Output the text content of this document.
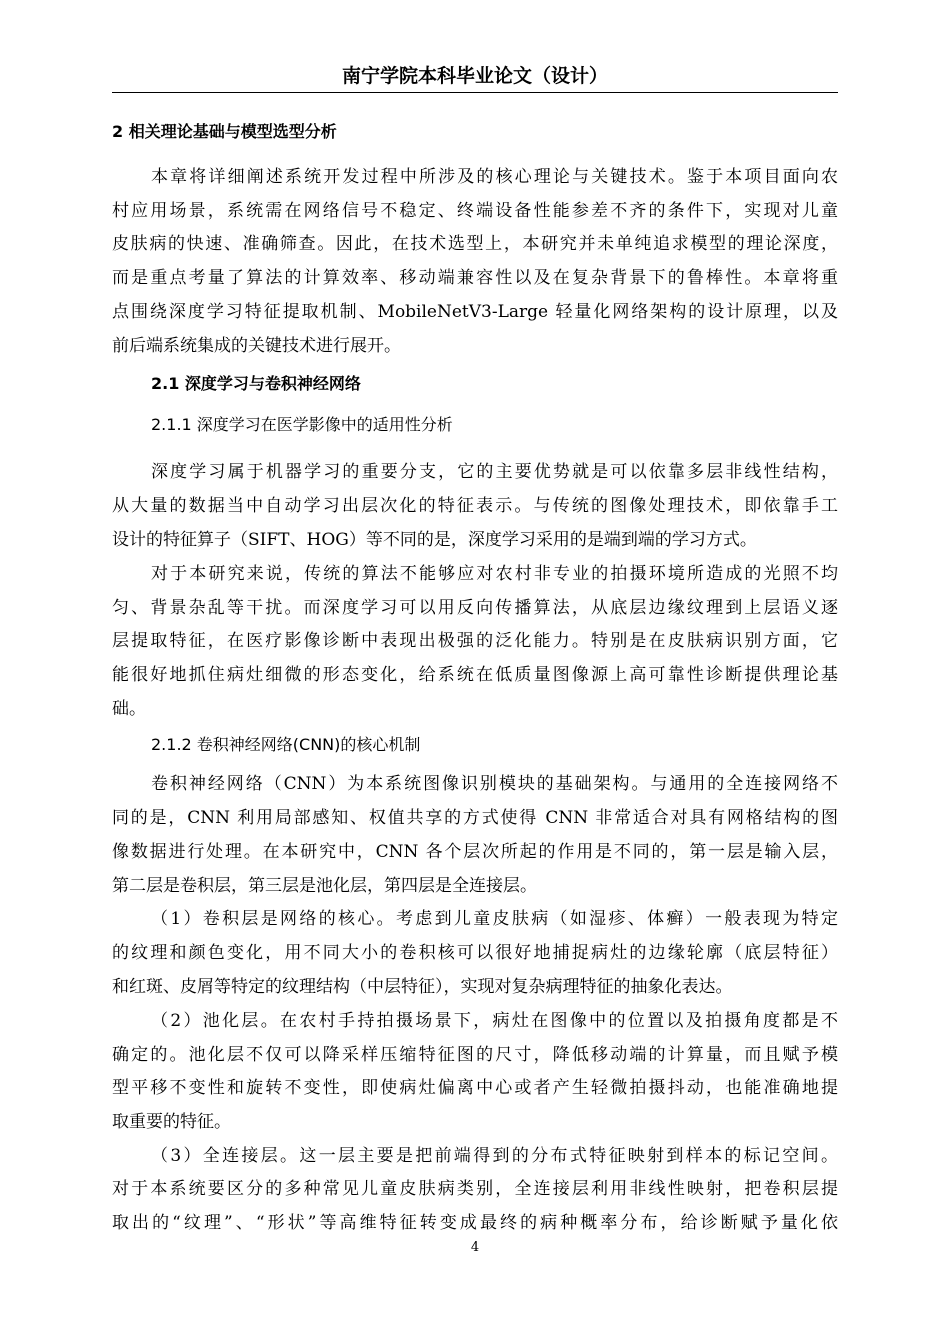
南宁学院本科毕业论文（设计）
2 相关理论基础与模型选型分析
本章将详细阐述系统开发过程中所涉及的核心理论与关键技术。鉴于本项目面向农
村应用场景，系统需在网络信号不稳定、终端设备性能参差不齐的条件下，实现对儿童
皮肤病的快速、准确筛查。因此，在技术选型上，本研究并未单纯追求模型的理论深度，
而是重点考量了算法的计算效率、移动端兼容性以及在复杂背景下的鲁棒性。本章将重
点围绕深度学习特征提取机制、MobileNetV3-Large 轻量化网络架构的设计原理，以及
前后端系统集成的关键技术进行展开。
2.1 深度学习与卷积神经网络
2.1.1 深度学习在医学影像中的适用性分析
深度学习属于机器学习的重要分支，它的主要优势就是可以依靠多层非线性结构，
从大量的数据当中自动学习出层次化的特征表示。与传统的图像处理技术，即依靠手工
设计的特征算子（SIFT、HOG）等不同的是，深度学习采用的是端到端的学习方式。
对于本研究来说，传统的算法不能够应对农村非专业的拍摄环境所造成的光照不均
匀、背景杂乱等干扰。而深度学习可以用反向传播算法，从底层边缘纹理到上层语义逐
层提取特征，在医疗影像诊断中表现出极强的泛化能力。特别是在皮肤病识别方面，它
能很好地抓住病灶细微的形态变化，给系统在低质量图像源上高可靠性诊断提供理论基
础。
2.1.2 卷积神经网络(CNN)的核心机制
卷积神经网络（CNN）为本系统图像识别模块的基础架构。与通用的全连接网络不
同的是，CNN 利用局部感知、权值共享的方式使得 CNN 非常适合对具有网格结构的图
像数据进行处理。在本研究中，CNN 各个层次所起的作用是不同的，第一层是输入层，
第二层是卷积层，第三层是池化层，第四层是全连接层。
（1）卷积层是网络的核心。考虑到儿童皮肤病（如湿疹、体癣）一般表现为特定
的纹理和颜色变化，用不同大小的卷积核可以很好地捕捉病灶的边缘轮廓（底层特征）
和红斑、皮屑等特定的纹理结构（中层特征），实现对复杂病理特征的抽象化表达。
（2）池化层。在农村手持拍摄场景下，病灶在图像中的位置以及拍摄角度都是不
确定的。池化层不仅可以降采样压缩特征图的尺寸，降低移动端的计算量，而且赋予模
型平移不变性和旋转不变性，即使病灶偏离中心或者产生轻微拍摄抖动，也能准确地提
取重要的特征。
（3）全连接层。这一层主要是把前端得到的分布式特征映射到样本的标记空间。
对于本系统要区分的多种常见儿童皮肤病类别，全连接层利用非线性映射，把卷积层提
取出的“纹理”、“形状”等高维特征转变成最终的病种概率分布，给诊断赋予量化依
4
